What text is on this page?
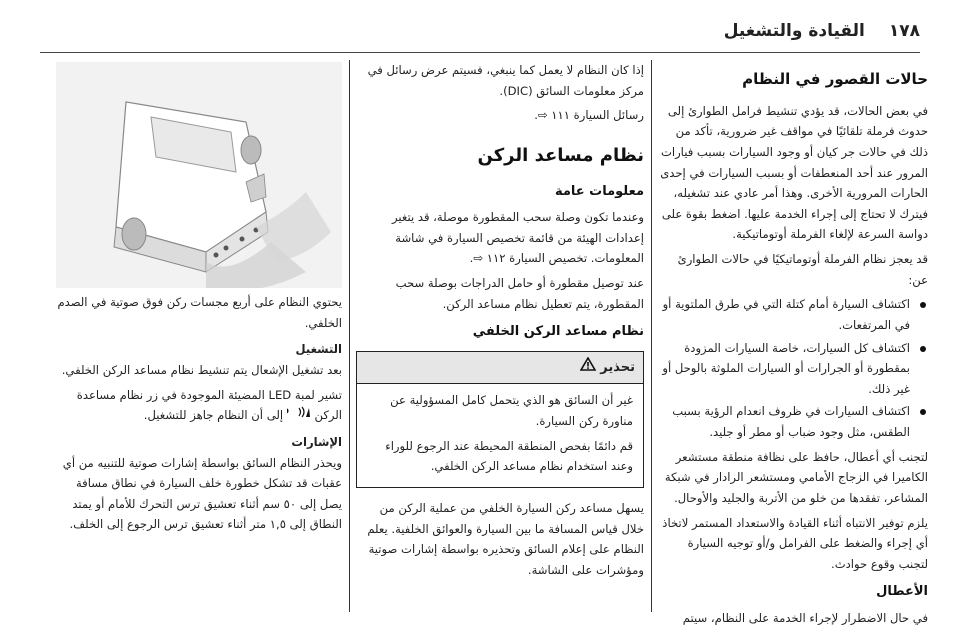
١٧٨
القيادة والتشغيل
حالات القصور في النظام

في بعض الحالات، قد يؤدي تنشيط فرامل الطوارئ إلى حدوث فرملة تلقائيًا في مواقف غير ضرورية، تأكد من ذلك في حالات جر كيان أو وجود السيارات بسبب فيارات المرور عند أحد المنعطفات أو بسبب السيارات في إحدى الحارات المرورية الأخرى. وهذا أمر عادي عند تشغيله، فيترك لا تحتاج إلى إجراء الخدمة عليها. اضغط بقوة على دواسة السرعة لإلغاء الفرملة أوتوماتيكية.

قد يعجز نظام الفرملة أوتوماتيكيًا في حالات الطوارئ عن:

اكتشاف السيارة أمام كتلة التي في طرق الملتوية أو في المرتفعات.
اكتشاف كل السيارات، خاصة السيارات المزودة بمقطورة أو الجرارات أو السيارات الملوثة بالوحل أو غير ذلك.
اكتشاف السيارات في ظروف انعدام الرؤية بسبب الطقس، مثل وجود ضباب أو مطر أو جليد.

لتجنب أي أعطال، حافظ على نظافة منطقة مستشعر الكاميرا في الزجاج الأمامي ومستشعر الرادار في شبكة المشاعر، تفقدها من خلو من الأتربة والجليد والأوحال.

يلزم توفير الانتباه أثناء القيادة والاستعداد المستمر لاتخاذ أي إجراء والضغط على الفرامل و/أو توجيه السيارة لتجنب وقوع حوادث.

الأعطال

في حال الاضطرار لإجراء الخدمة على النظام، سيتم

إذا كان النظام لا يعمل كما ينبغي، فسيتم عرض رسائل في مركز معلومات السائق (DIC).

رسائل السيارة ١١١ ⇨.

نظام مساعد الركن
معلومات عامة

وعندما تكون وصلة سحب المقطورة موصلة، قد يتغير إعدادات الهيئة من قائمة تخصيص السيارة في شاشة المعلومات. تخصيص السيارة ١١٢ ⇨.

عند توصيل مقطورة أو حامل الدراجات بوصلة سحب المقطورة، يتم تعطيل نظام مساعد الركن.

نظام مساعد الركن الخلفي
تحذير

غير أن السائق هو الذي يتحمل كامل المسؤولية عن مناورة ركن السيارة.

قم دائمًا بفحص المنطقة المحيطة عند الرجوع للوراء وعند استخدام نظام مساعد الركن الخلفي.

يسهل مساعد ركن السيارة الخلفي من عملية الركن من خلال قياس المسافة ما بين السيارة والعوائق الخلفية. يعلم النظام على إعلام السائق وتحذيره بواسطة إشارات صوتية ومؤشرات على الشاشة.

يحتوي النظام على أربع مجسات ركن فوق صوتية في الصدم الخلفي.

التشغيل

بعد تشغيل الإشعال يتم تنشيط نظام مساعد الركن الخلفي.

تشير لمبة LED المضيئة الموجودة في زر نظام مساعدة الركن
إلى أن النظام جاهز للتشغيل.

الإشارات

ويحذر النظام السائق بواسطة إشارات صوتية للتنبيه من أي عقبات قد تشكل خطورة خلف السيارة في نطاق مسافة يصل إلى ٥٠ سم أثناء تعشيق ترس التحرك للأمام أو يمتد النطاق إلى ١,٥ متر أثناء تعشيق ترس الرجوع إلى الخلف.
